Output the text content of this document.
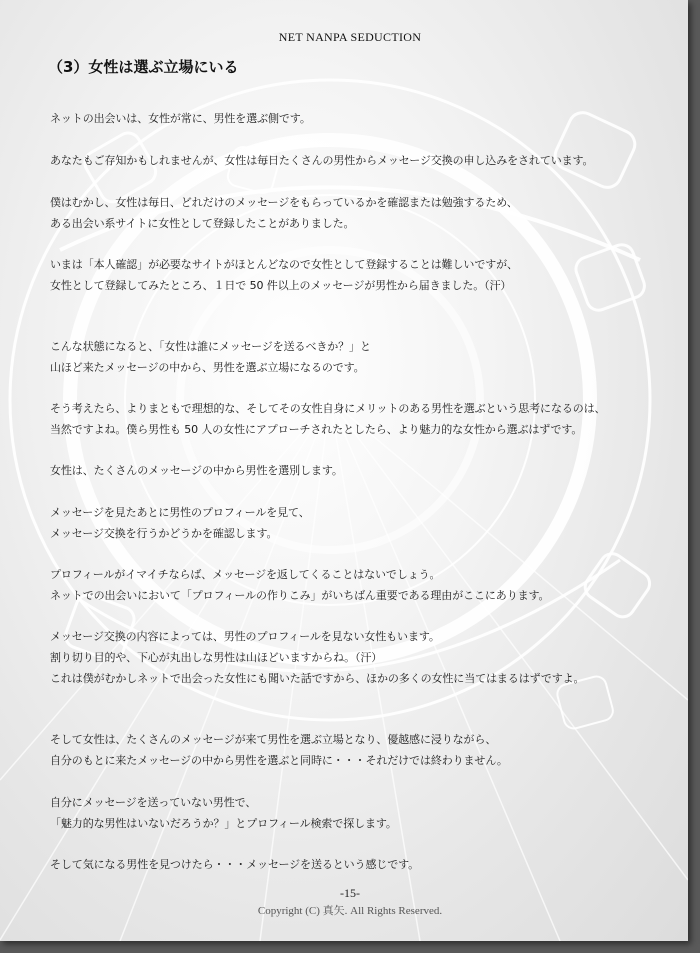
NET NANPA SEDUCTION
（3）女性は選ぶ立場にいる
ネットの出会いは、女性が常に、男性を選ぶ側です。
あなたもご存知かもしれませんが、女性は毎日たくさんの男性からメッセージ交換の申し込みをされています。
僕はむかし、女性は毎日、どれだけのメッセージをもらっているかを確認または勉強するため、
ある出会い系サイトに女性として登録したことがありました。
いまは「本人確認」が必要なサイトがほとんどなので女性として登録することは難しいですが、
女性として登録してみたところ、１日で 50 件以上のメッセージが男性から届きました。（汗）
こんな状態になると、「女性は誰にメッセージを送るべきか？」と
山ほど来たメッセージの中から、男性を選ぶ立場になるのです。
そう考えたら、よりまともで理想的な、そしてその女性自身にメリットのある男性を選ぶという思考になるのは、
当然ですよね。僕ら男性も 50 人の女性にアプローチされたとしたら、より魅力的な女性から選ぶはずです。
女性は、たくさんのメッセージの中から男性を選別します。
メッセージを見たあとに男性のプロフィールを見て、
メッセージ交換を行うかどうかを確認します。
プロフィールがイマイチならば、メッセージを返してくることはないでしょう。
ネットでの出会いにおいて「プロフィールの作りこみ」がいちばん重要である理由がここにあります。
メッセージ交換の内容によっては、男性のプロフィールを見ない女性もいます。
割り切り目的や、下心が丸出しな男性は山ほどいますからね。（汗）
これは僕がむかしネットで出会った女性にも聞いた話ですから、ほかの多くの女性に当てはまるはずですよ。
そして女性は、たくさんのメッセージが来て男性を選ぶ立場となり、優越感に浸りながら、
自分のもとに来たメッセージの中から男性を選ぶと同時に・・・それだけでは終わりません。
自分にメッセージを送っていない男性で、
「魅力的な男性はいないだろうか？」とプロフィール検索で探します。
そして気になる男性を見つけたら・・・メッセージを送るという感じです。
-15-
Copyright (C) 真矢. All Rights Reserved.
